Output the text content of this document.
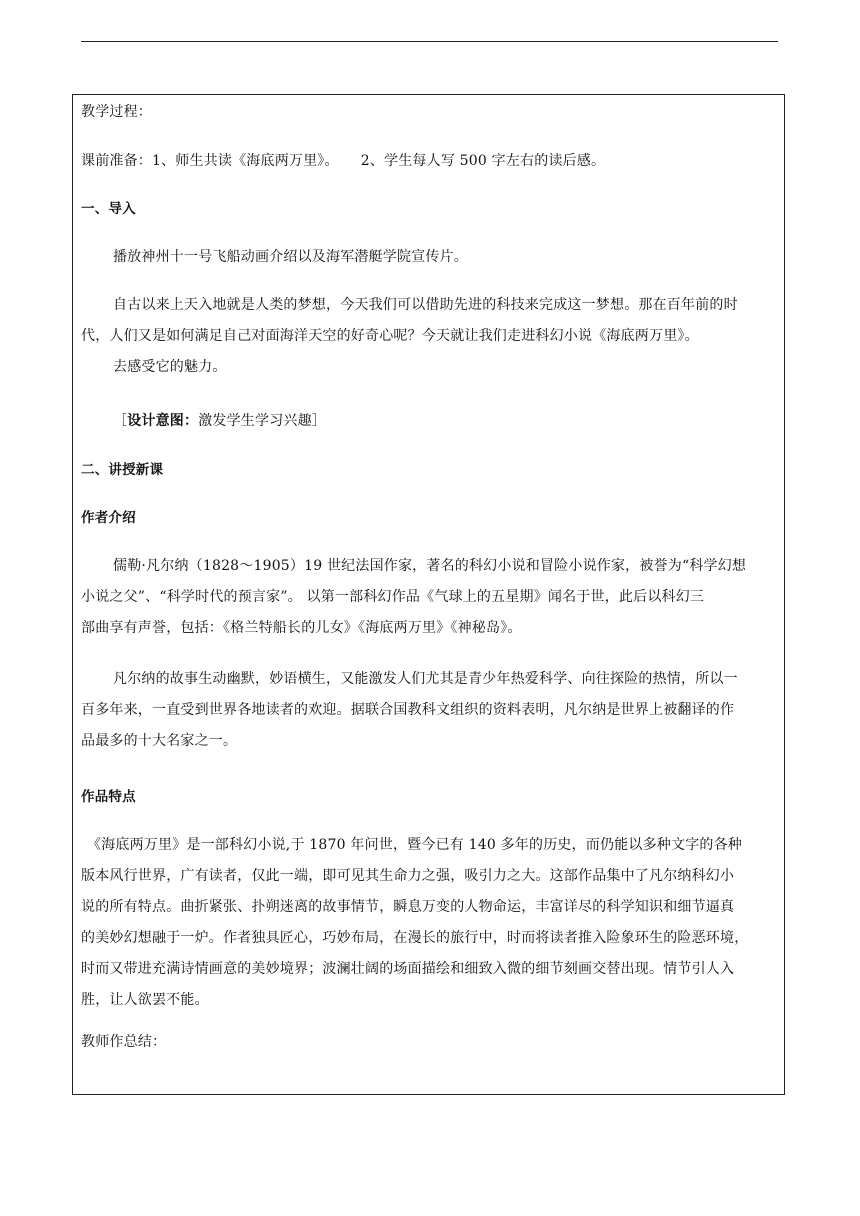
教学过程：

课前准备：1、师生共读《海底两万里》。 2、学生每人写 500 字左右的读后感。

一、导入

播放神州十一号飞船动画介绍以及海军潜艇学院宣传片。

自古以来上天入地就是人类的梦想，今天我们可以借助先进的科技来完成这一梦想。那在百年前的时
代，人们又是如何满足自己对面海洋天空的好奇心呢？今天就让我们走进科幻小说《海底两万里》。
去感受它的魅力。

［设计意图：激发学生学习兴趣］

二、讲授新课

作者介绍

儒勒·凡尔纳（1828～1905）19 世纪法国作家，著名的科幻小说和冒险小说作家，被誉为“科学幻想
小说之父”、“科学时代的预言家”。 以第一部科幻作品《气球上的五星期》闻名于世，此后以科幻三
部曲享有声誉，包括：《格兰特船长的儿女》《海底两万里》《神秘岛》。
凡尔纳的故事生动幽默，妙语横生，又能激发人们尤其是青少年热爱科学、向往探险的热情，所以一
百多年来，一直受到世界各地读者的欢迎。据联合国教科文组织的资料表明，凡尔纳是世界上被翻译的作
品最多的十大名家之一。

作品特点

《海底两万里》是一部科幻小说,于 1870 年问世，暨今已有 140 多年的历史，而仍能以多种文字的各种
版本风行世界，广有读者，仅此一端，即可见其生命力之强，吸引力之大。这部作品集中了凡尔纳科幻小
说的所有特点。曲折紧张、扑朔迷离的故事情节，瞬息万变的人物命运，丰富详尽的科学知识和细节逼真
的美妙幻想融于一炉。作者独具匠心，巧妙布局，在漫长的旅行中，时而将读者推入险象环生的险恶环境，
时而又带进充满诗情画意的美妙境界；波澜壮阔的场面描绘和细致入微的细节刻画交替出现。情节引人入
胜，让人欲罢不能。

教师作总结：
